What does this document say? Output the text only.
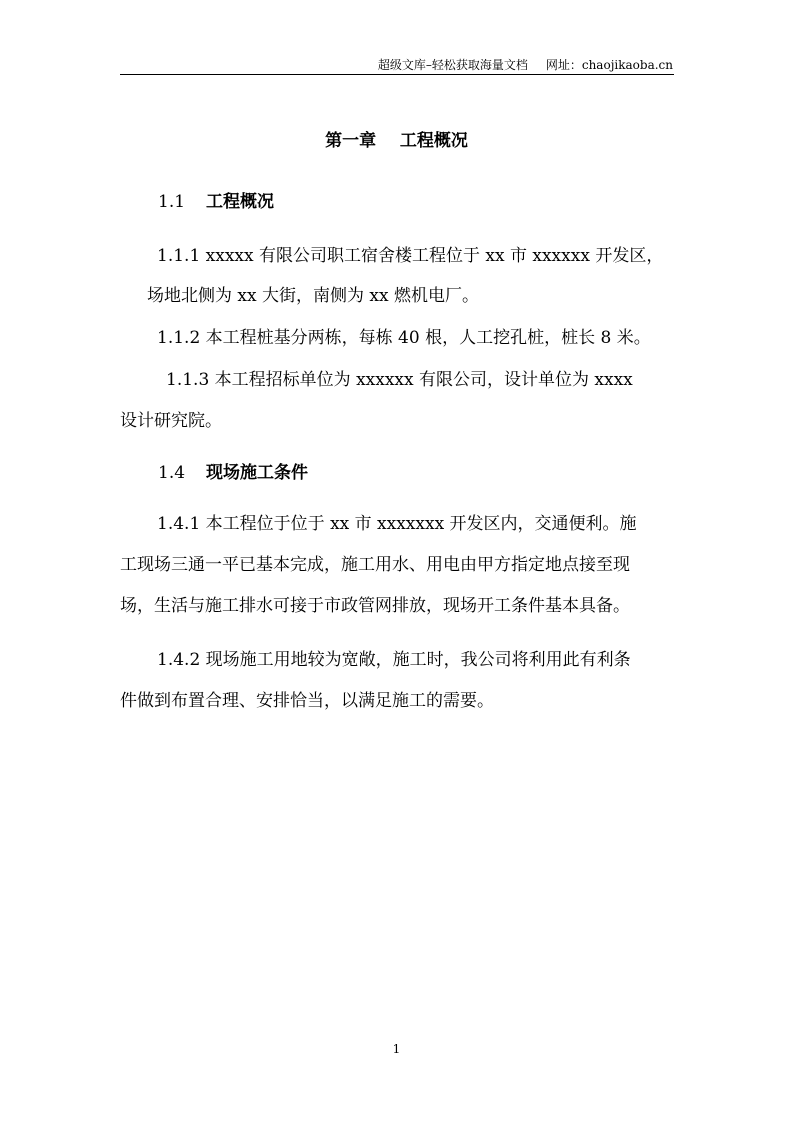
超级文库–轻松获取海量文档 网址：chaojikaoba.cn
第一章    工程概况
1.1 工程概况
1.1.1 xxxxx 有限公司职工宿舍楼工程位于 xx 市 xxxxxx 开发区，
场地北侧为 xx 大街，南侧为 xx 燃机电厂。
1.1.2 本工程桩基分两栋，每栋 40 根，人工挖孔桩，桩长 8 米。
1.1.3 本工程招标单位为 xxxxxx 有限公司，设计单位为 xxxx
设计研究院。
1.4 现场施工条件
1.4.1 本工程位于位于 xx 市 xxxxxxx 开发区内，交通便利。施
工现场三通一平已基本完成，施工用水、用电由甲方指定地点接至现
场，生活与施工排水可接于市政管网排放，现场开工条件基本具备。
1.4.2 现场施工用地较为宽敞，施工时，我公司将利用此有利条
件做到布置合理、安排恰当，以满足施工的需要。
1
